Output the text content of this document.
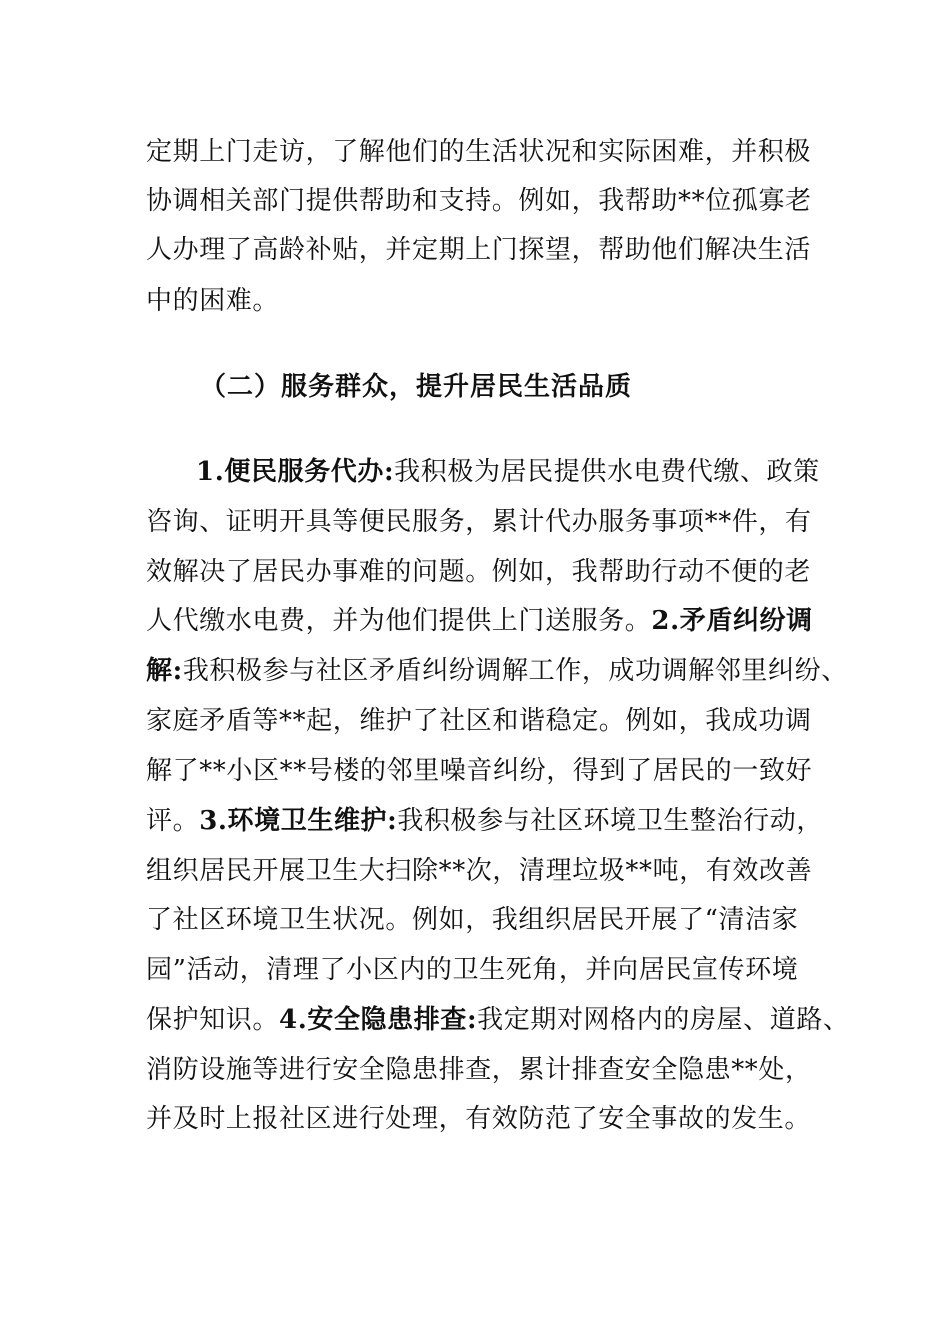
定期上门走访，了解他们的生活状况和实际困难，并积极
协调相关部门提供帮助和支持。例如，我帮助**位孤寡老
人办理了高龄补贴，并定期上门探望，帮助他们解决生活
中的困难。
（二）服务群众，提升居民生活品质
1.便民服务代办:我积极为居民提供水电费代缴、政策
咨询、证明开具等便民服务，累计代办服务事项**件，有
效解决了居民办事难的问题。例如，我帮助行动不便的老
人代缴水电费，并为他们提供上门送服务。2.矛盾纠纷调
解:我积极参与社区矛盾纠纷调解工作，成功调解邻里纠纷、
家庭矛盾等**起，维护了社区和谐稳定。例如，我成功调
解了**小区**号楼的邻里噪音纠纷，得到了居民的一致好
评。3.环境卫生维护:我积极参与社区环境卫生整治行动，
组织居民开展卫生大扫除**次，清理垃圾**吨，有效改善
了社区环境卫生状况。例如，我组织居民开展了“清洁家
园”活动，清理了小区内的卫生死角，并向居民宣传环境
保护知识。4.安全隐患排查:我定期对网格内的房屋、道路、
消防设施等进行安全隐患排查，累计排查安全隐患**处，
并及时上报社区进行处理，有效防范了安全事故的发生。
